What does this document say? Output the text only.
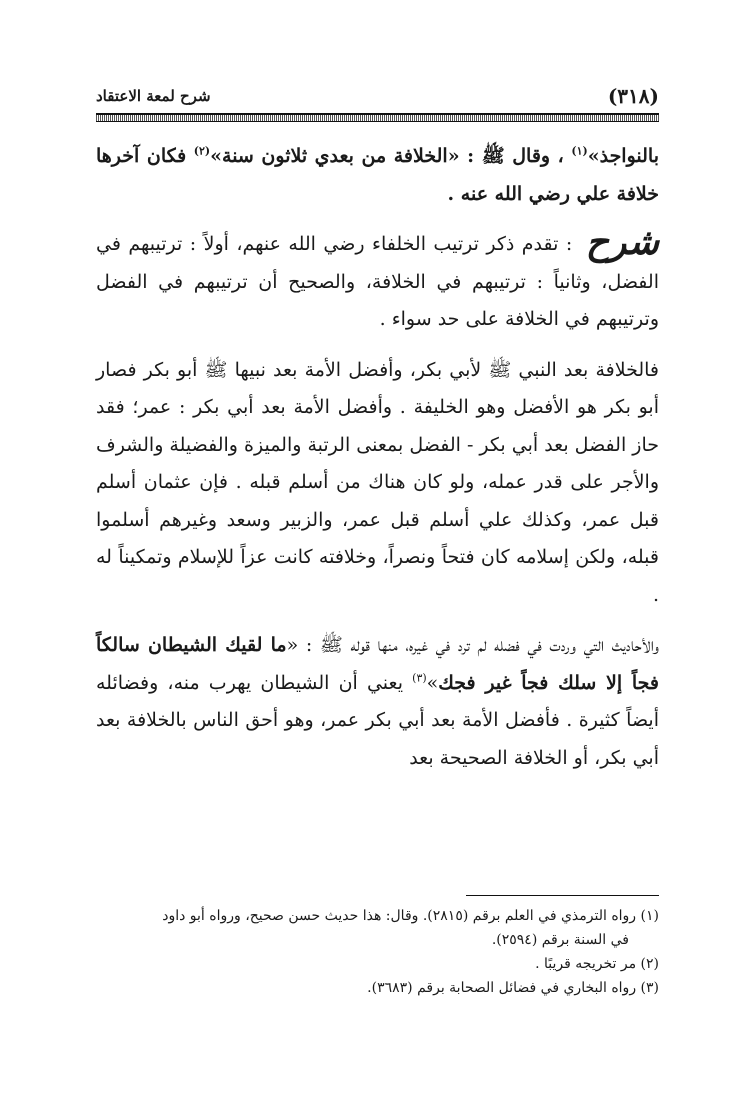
(٣١٨)
شرح لمعة الاعتقاد

بالنواجذ»$^{(١)}$ ، وقال ﷺ : «الخلافة من بعدي ثلاثون سنة»$^{(٢)}$ فكان آخرها خلافة علي رضي الله عنه .

شرح : تقدم ذكر ترتيب الخلفاء رضي الله عنهم، أولاً : ترتيبهم في الفضل، وثانياً : ترتيبهم في الخلافة، والصحيح أن ترتيبهم في الفضل وترتيبهم في الخلافة على حد سواء .

فالخلافة بعد النبي ﷺ لأبي بكر، وأفضل الأمة بعد نبيها ﷺ أبو بكر فصار أبو بكر هو الأفضل وهو الخليفة . وأفضل الأمة بعد أبي بكر : عمر؛ فقد حاز الفضل بعد أبي بكر - الفضل بمعنى الرتبة والميزة والفضيلة والشرف والأجر على قدر عمله، ولو كان هناك من أسلم قبله . فإن عثمان أسلم قبل عمر، وكذلك علي أسلم قبل عمر، والزبير وسعد وغيرهم أسلموا قبله، ولكن إسلامه كان فتحاً ونصراً، وخلافته كانت عزاً للإسلام وتمكيناً له .

والأحاديث التي وردت في فضله لم ترد في غيره، منها قوله ﷺ : «ما لقيك الشيطان سالكاً فجاً إلا سلك فجاً غير فجك»$^{(٣)}$ يعني أن الشيطان يهرب منه، وفضائله أيضاً كثيرة . فأفضل الأمة بعد أبي بكر عمر، وهو أحق الناس بالخلافة بعد أبي بكر، أو الخلافة الصحيحة بعد

(١) رواه الترمذي في العلم برقم (٢٨١٥). وقال: هذا حديث حسن صحيح، ورواه أبو داود

في السنة برقم (٢٥٩٤).

(٢) مر تخريجه قريبًا .

(٣) رواه البخاري في فضائل الصحابة برقم (٣٦٨٣).
